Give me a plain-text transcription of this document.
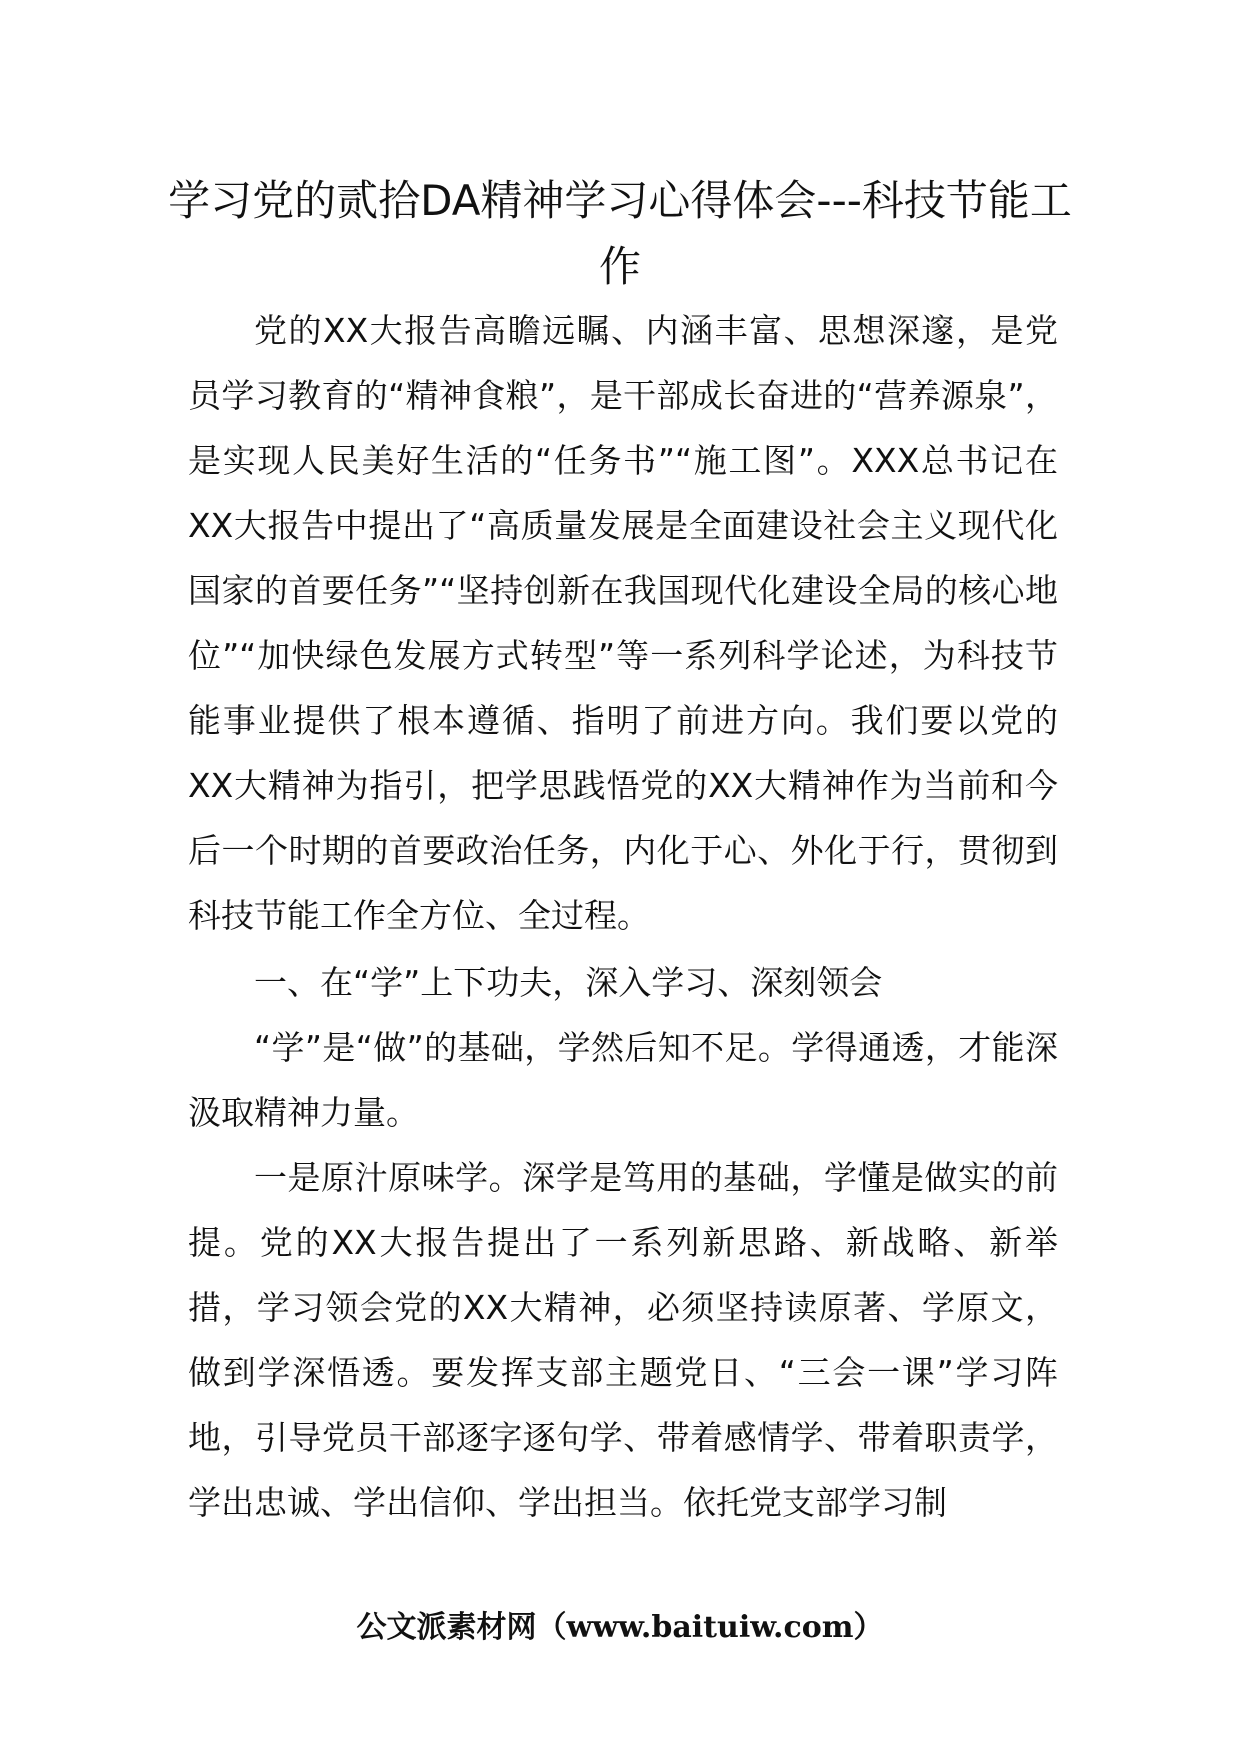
学习党的贰拾DA精神学习心得体会---科技节能工作

党的XX大报告高瞻远瞩、内涵丰富、思想深邃，是党员学习教育的“精神食粮”，是干部成长奋进的“营养源泉”，是实现人民美好生活的“任务书”“施工图”。XXX总书记在XX大报告中提出了“高质量发展是全面建设社会主义现代化国家的首要任务”“坚持创新在我国现代化建设全局的核心地位”“加快绿色发展方式转型”等一系列科学论述，为科技节能事业提供了根本遵循、指明了前进方向。我们要以党的XX大精神为指引，把学思践悟党的XX大精神作为当前和今后一个时期的首要政治任务，内化于心、外化于行，贯彻到科技节能工作全方位、全过程。

一、在“学”上下功夫，深入学习、深刻领会

“学”是“做”的基础，学然后知不足。学得通透，才能深汲取精神力量。

一是原汁原味学。深学是笃用的基础，学懂是做实的前提。党的XX大报告提出了一系列新思路、新战略、新举措，学习领会党的XX大精神，必须坚持读原著、学原文，做到学深悟透。要发挥支部主题党日、“三会一课”学习阵地，引导党员干部逐字逐句学、带着感情学、带着职责学，学出忠诚、学出信仰、学出担当。依托党支部学习制

公文派素材网（www.baituiw.com）
